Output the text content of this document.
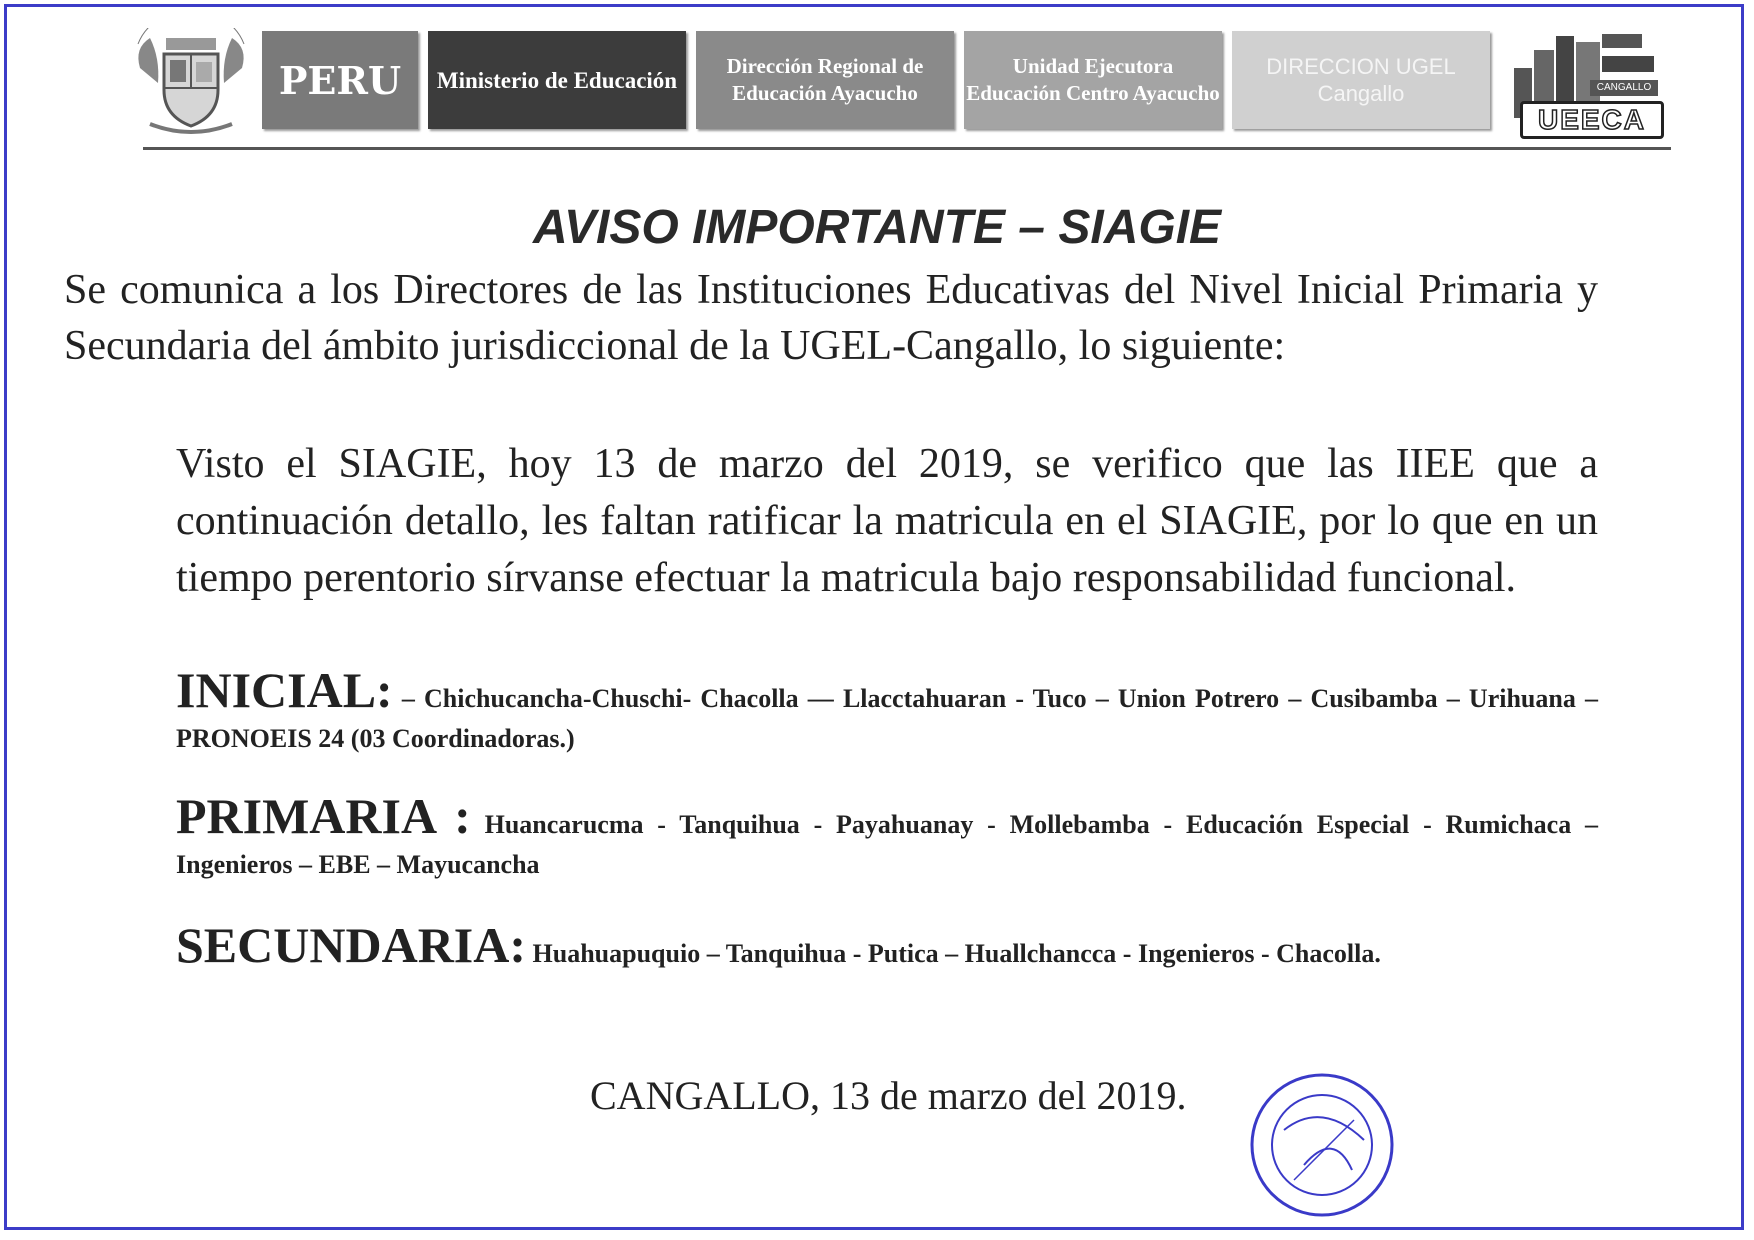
PERU Ministerio de Educación
Dirección Regional de Educación Ayacucho
Unidad Ejecutora Educación Centro Ayacucho
DIRECCION UGEL Cangallo	CANGALLO
UEECA
AVISO IMPORTANTE – SIAGIE
Se comunica a los Directores de las Instituciones Educativas del Nivel Inicial Primaria y Secundaria del ámbito jurisdiccional de la UGEL-Cangallo, lo siguiente:
Visto el SIAGIE, hoy 13 de marzo del 2019, se verifico que las IIEE que a continuación detallo, les faltan ratificar la matricula en el SIAGIE, por lo que en un tiempo perentorio sírvanse efectuar la matricula bajo responsabilidad funcional.
INICIAL: – Chichucancha-Chuschi- Chacolla — Llacctahuaran - Tuco – Union Potrero – Cusibamba – Urihuana – PRONOEIS 24 (03 Coordinadoras.)
PRIMARIA : Huancarucma - Tanquihua - Payahuanay - Mollebamba - Educación Especial - Rumichaca – Ingenieros – EBE – Mayucancha
SECUNDARIA: Huahuapuquio – Tanquihua - Putica – Huallchancca - Ingenieros - Chacolla.
CANGALLO, 13 de marzo del 2019.
